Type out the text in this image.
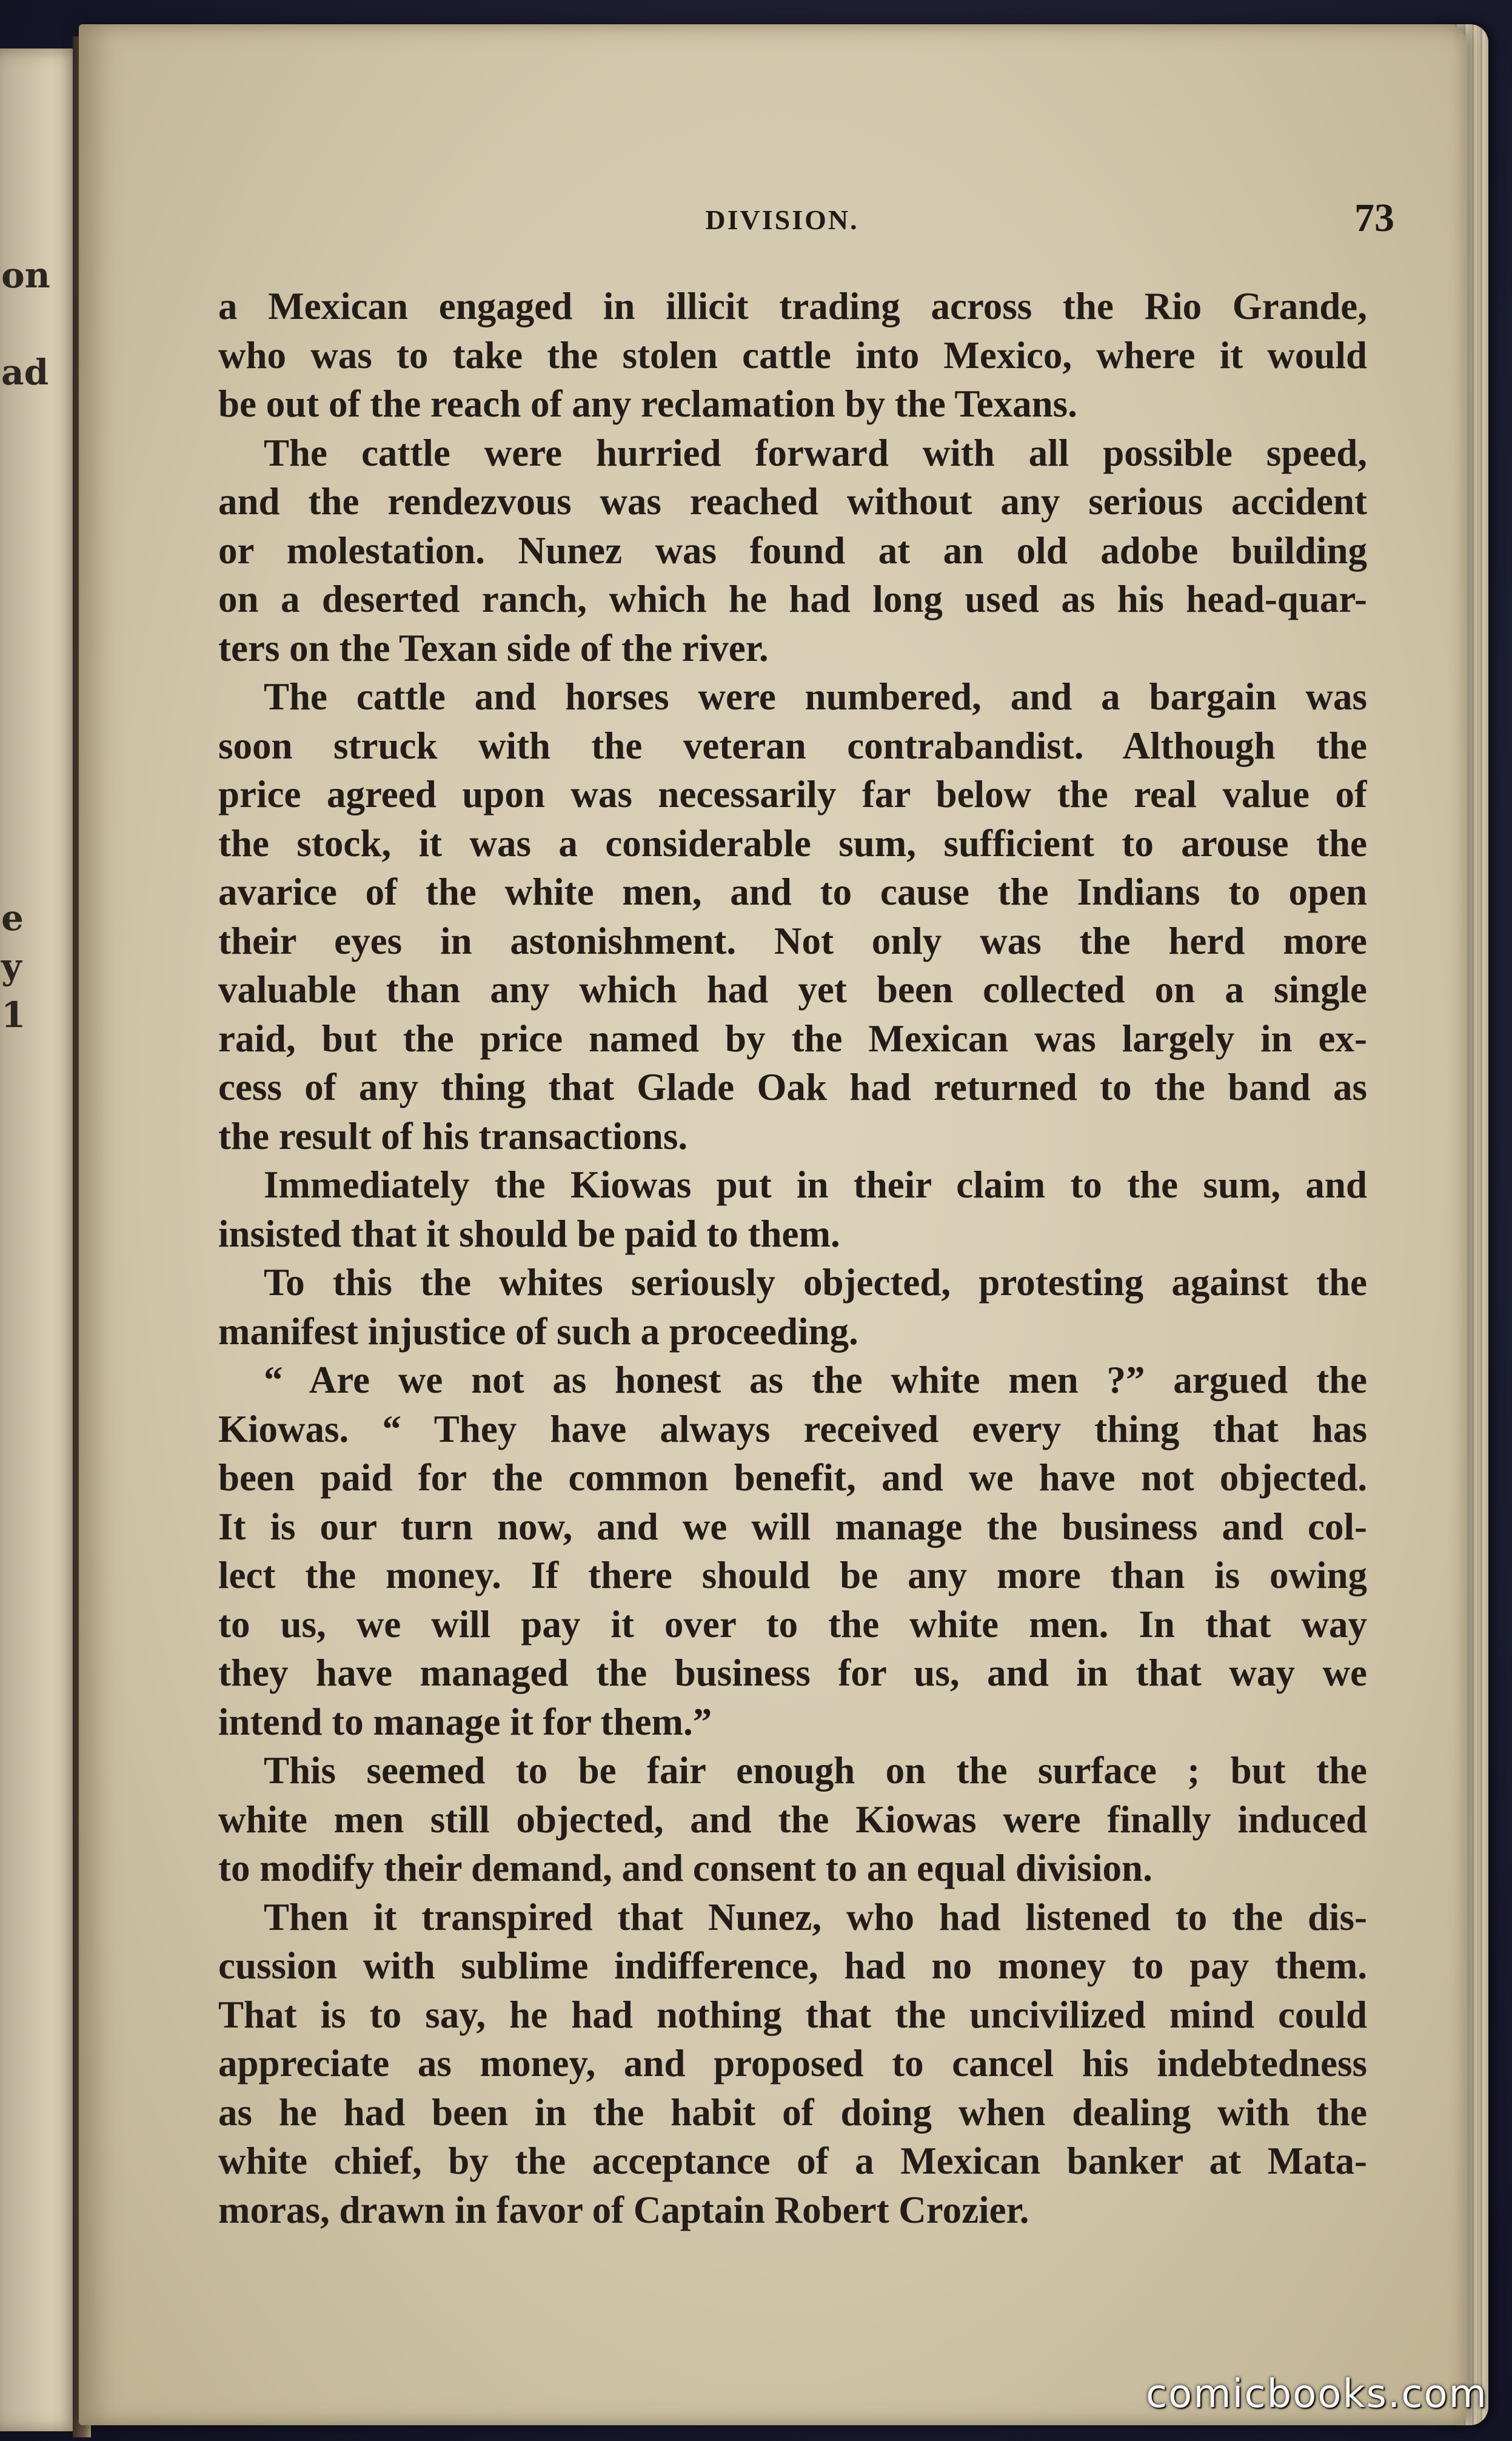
on
ad
e
y
1
DIVISION.	73
a Mexican engaged in illicit trading across the Rio Grande,
who was to take the stolen cattle into Mexico, where it would
be out of the reach of any reclamation by the Texans.
The cattle were hurried forward with all possible speed,
and the rendezvous was reached without any serious accident
or molestation. Nunez was found at an old adobe building
on a deserted ranch, which he had long used as his head-quar-
ters on the Texan side of the river.
The cattle and horses were numbered, and a bargain was
soon struck with the veteran contrabandist. Although the
price agreed upon was necessarily far below the real value of
the stock, it was a considerable sum, sufficient to arouse the
avarice of the white men, and to cause the Indians to open
their eyes in astonishment. Not only was the herd more
valuable than any which had yet been collected on a single
raid, but the price named by the Mexican was largely in ex-
cess of any thing that Glade Oak had returned to the band as
the result of his transactions.
Immediately the Kiowas put in their claim to the sum, and
insisted that it should be paid to them.
To this the whites seriously objected, protesting against the
manifest injustice of such a proceeding.
“ Are we not as honest as the white men ?” argued the
Kiowas. “ They have always received every thing that has
been paid for the common benefit, and we have not objected.
It is our turn now, and we will manage the business and col-
lect the money. If there should be any more than is owing
to us, we will pay it over to the white men. In that way
they have managed the business for us, and in that way we
intend to manage it for them.”
This seemed to be fair enough on the surface ; but the
white men still objected, and the Kiowas were finally induced
to modify their demand, and consent to an equal division.
Then it transpired that Nunez, who had listened to the dis-
cussion with sublime indifference, had no money to pay them.
That is to say, he had nothing that the uncivilized mind could
appreciate as money, and proposed to cancel his indebtedness
as he had been in the habit of doing when dealing with the
white chief, by the acceptance of a Mexican banker at Mata-
moras, drawn in favor of Captain Robert Crozier.
comicbooks.com
